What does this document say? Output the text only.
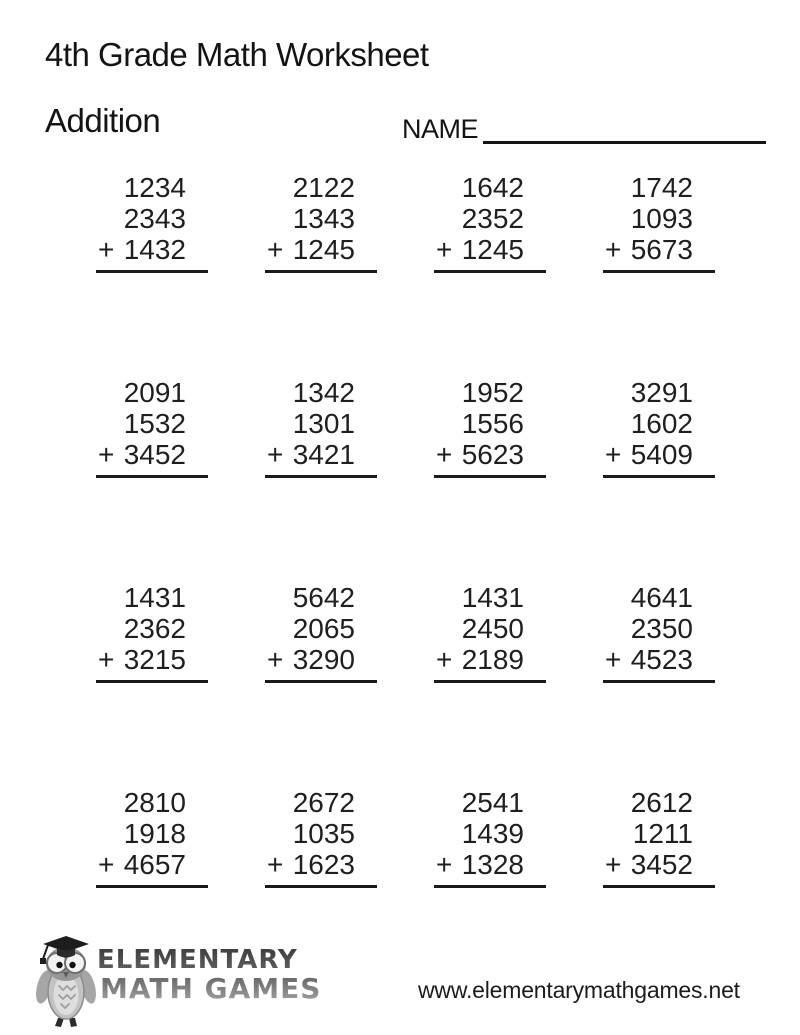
4th Grade Math Worksheet
Addition	NAME
1234
2343
+ 1432
2122
1343
+ 1245
1642
2352
+ 1245
1742
1093
+ 5673
2091
1532
+ 3452
1342
1301
+ 3421
1952
1556
+ 5623
3291
1602
+ 5409
1431
2362
+ 3215
5642
2065
+ 3290
1431
2450
+ 2189
4641
2350
+ 4523
2810
1918
+ 4657
2672
1035
+ 1623
2541
1439
+ 1328
2612
1211
+ 3452
ELEMENTARY
MATH GAMES	www.elementarymathgames.net
